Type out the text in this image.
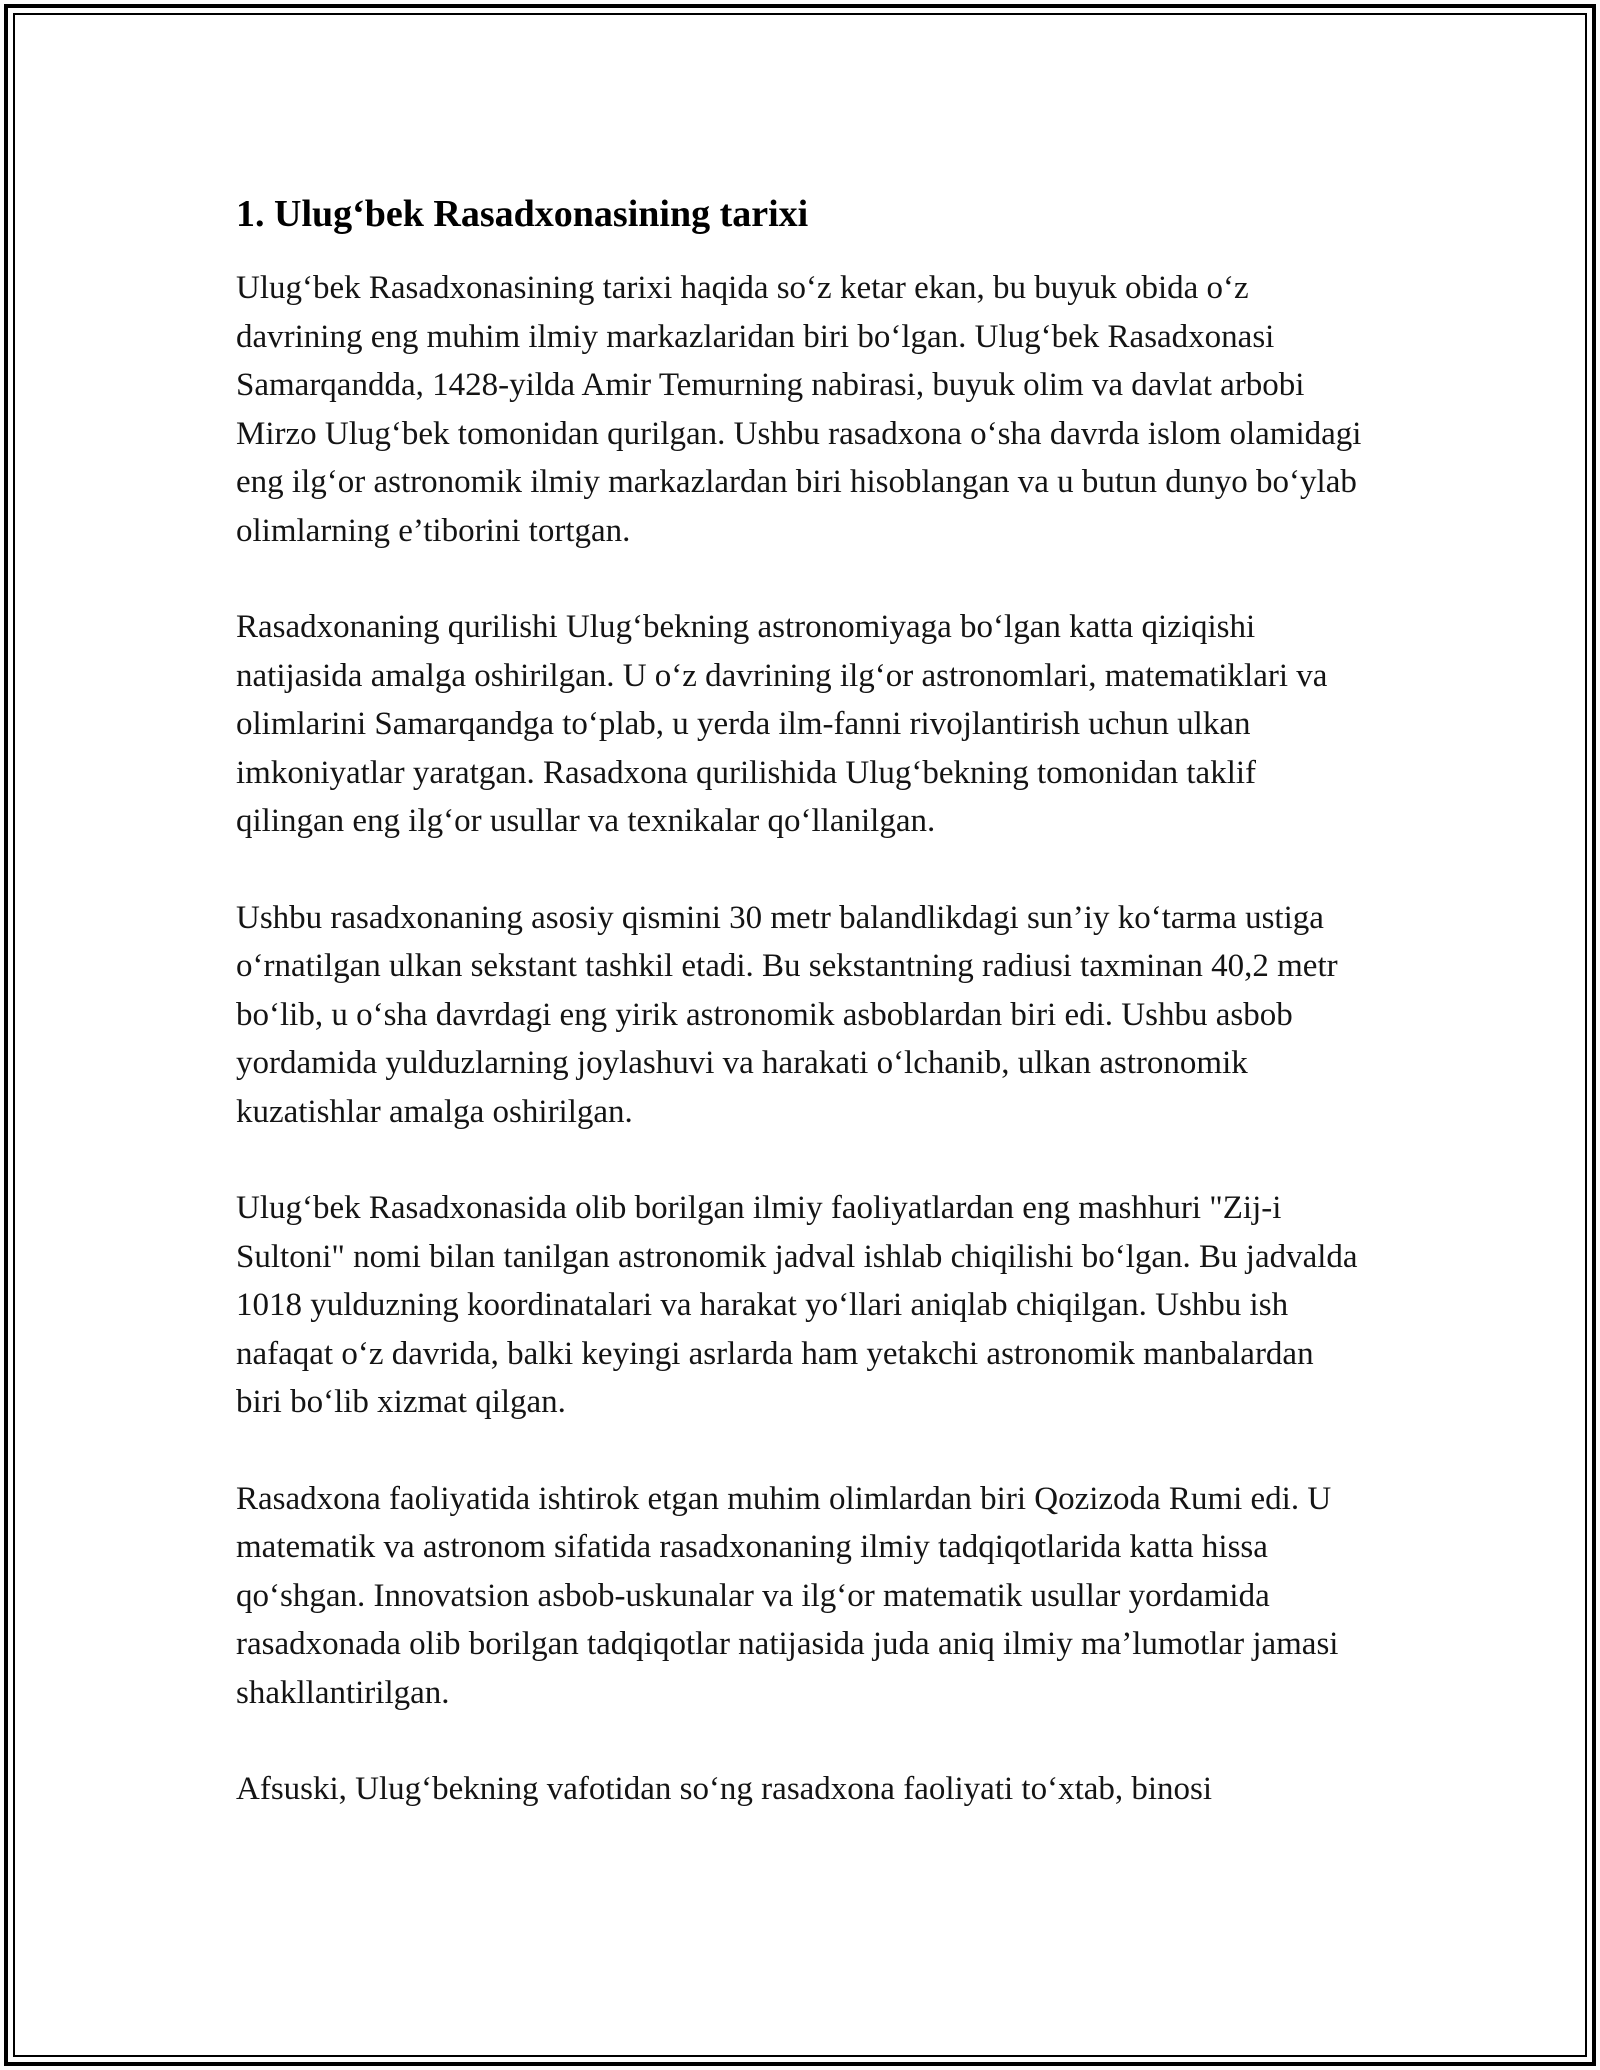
1. Ulug‘bek Rasadxonasining tarixi

Ulug‘bek Rasadxonasining tarixi haqida so‘z ketar ekan, bu buyuk obida o‘z davrining eng muhim ilmiy markazlaridan biri bo‘lgan. Ulug‘bek Rasadxonasi Samarqandda, 1428-yilda Amir Temurning nabirasi, buyuk olim va davlat arbobi Mirzo Ulug‘bek tomonidan qurilgan. Ushbu rasadxona o‘sha davrda islom olamidagi eng ilg‘or astronomik ilmiy markazlardan biri hisoblangan va u butun dunyo bo‘ylab olimlarning e’tiborini tortgan.

Rasadxonaning qurilishi Ulug‘bekning astronomiyaga bo‘lgan katta qiziqishi natijasida amalga oshirilgan. U o‘z davrining ilg‘or astronomlari, matematiklari va olimlarini Samarqandga to‘plab, u yerda ilm-fanni rivojlantirish uchun ulkan imkoniyatlar yaratgan. Rasadxona qurilishida Ulug‘bekning tomonidan taklif qilingan eng ilg‘or usullar va texnikalar qo‘llanilgan.

Ushbu rasadxonaning asosiy qismini 30 metr balandlikdagi sun’iy ko‘tarma ustiga o‘rnatilgan ulkan sekstant tashkil etadi. Bu sekstantning radiusi taxminan 40,2 metr bo‘lib, u o‘sha davrdagi eng yirik astronomik asboblardan biri edi. Ushbu asbob yordamida yulduzlarning joylashuvi va harakati o‘lchanib, ulkan astronomik kuzatishlar amalga oshirilgan.

Ulug‘bek Rasadxonasida olib borilgan ilmiy faoliyatlardan eng mashhuri "Zij-i Sultoni" nomi bilan tanilgan astronomik jadval ishlab chiqilishi bo‘lgan. Bu jadvalda 1018 yulduzning koordinatalari va harakat yo‘llari aniqlab chiqilgan. Ushbu ish nafaqat o‘z davrida, balki keyingi asrlarda ham yetakchi astronomik manbalardan biri bo‘lib xizmat qilgan.

Rasadxona faoliyatida ishtirok etgan muhim olimlardan biri Qozizoda Rumi edi. U matematik va astronom sifatida rasadxonaning ilmiy tadqiqotlarida katta hissa qo‘shgan. Innovatsion asbob-uskunalar va ilg‘or matematik usullar yordamida rasadxonada olib borilgan tadqiqotlar natijasida juda aniq ilmiy ma’lumotlar jamasi shakllantirilgan.

Afsuski, Ulug‘bekning vafotidan so‘ng rasadxona faoliyati to‘xtab, binosi
